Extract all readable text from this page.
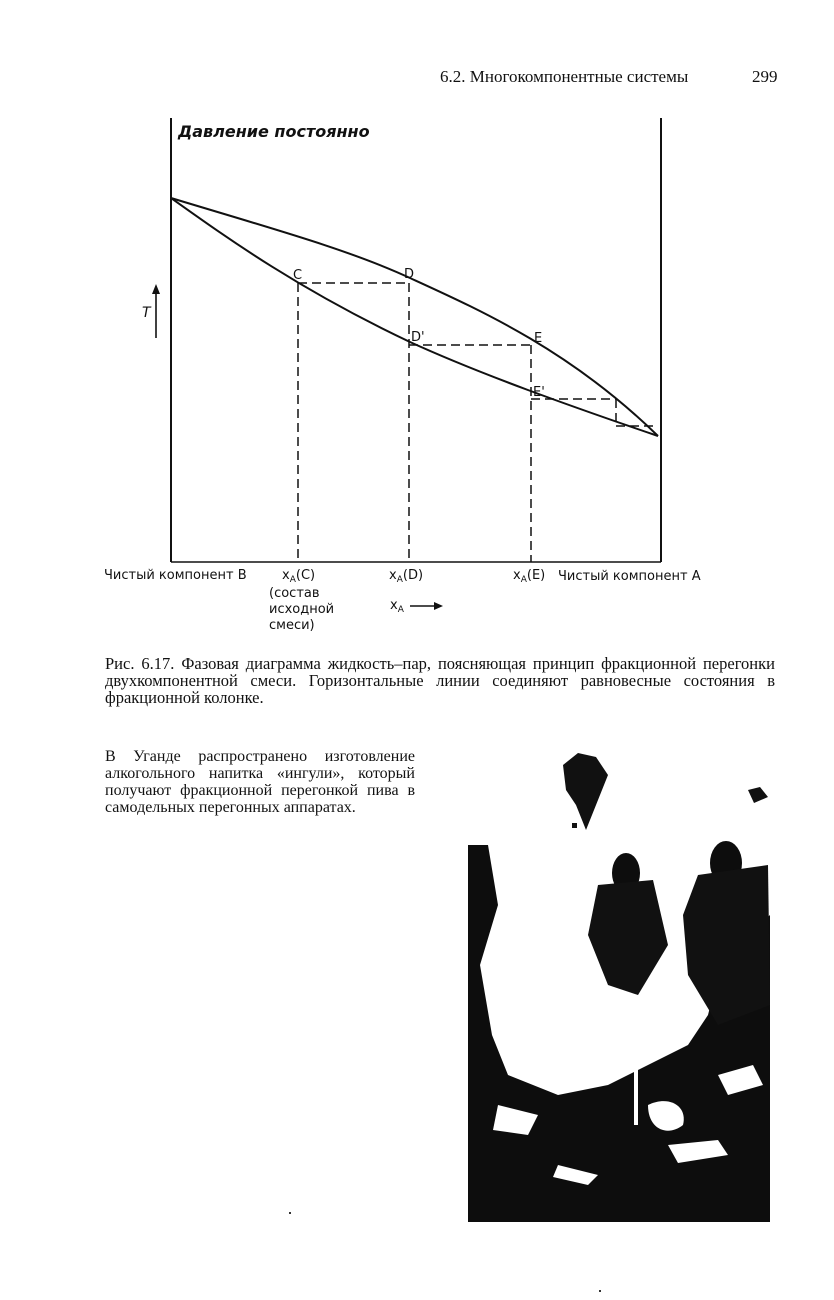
6.2. Многокомпонентные системы	299
Давление постоянно
T
C	D
D'	E
E'
Чистый компонент B	$x_A(C)$	$x_A(D)$	$x_A(E)$ Чистый компонент A
(состав
исходной
смеси)
$x_A$
Рис. 6.17. Фазовая диаграмма жидкость–пар, поясняющая принцип фракционной перегонки двухкомпонентной смеси. Горизонтальные линии соединяют равновесные состояния в фракционной колонке.
В Уганде распространено изготовление алкогольного напитка «ингули», который получают фракционной перегонкой пива в самодельных перегонных аппаратах.
